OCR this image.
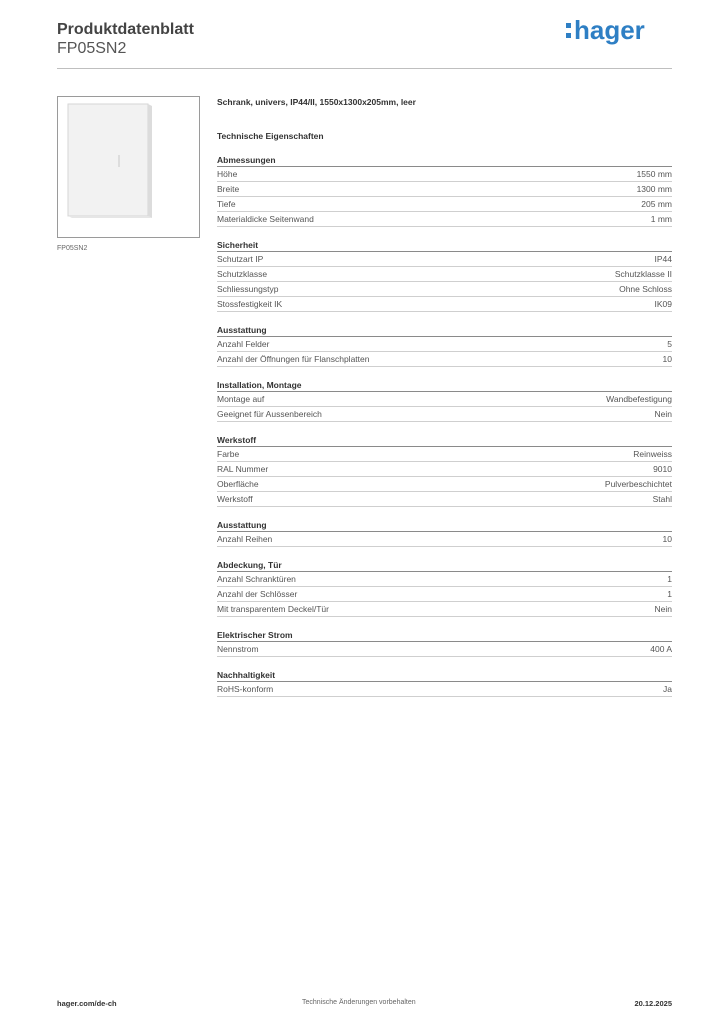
Produktdatenblatt
FP05SN2
hager
FP05SN2
Schrank, univers, IP44/II, 1550x1300x205mm, leer
Technische Eigenschaften
Abmessungen
Höhe	1550 mm
Breite	1300 mm
Tiefe	205 mm
Materialdicke Seitenwand	1 mm
Sicherheit
Schutzart IP	IP44
Schutzklasse	Schutzklasse II
Schliessungstyp	Ohne Schloss
Stossfestigkeit IK	IK09
Ausstattung
Anzahl Felder	5
Anzahl der Öffnungen für Flanschplatten	10
Installation, Montage
Montage auf	Wandbefestigung
Geeignet für Aussenbereich	Nein
Werkstoff
Farbe	Reinweiss
RAL Nummer	9010
Oberfläche	Pulverbeschichtet
Werkstoff	Stahl
Ausstattung
Anzahl Reihen	10
Abdeckung, Tür
Anzahl Schranktüren	1
Anzahl der Schlösser	1
Mit transparentem Deckel/Tür	Nein
Elektrischer Strom
Nennstrom	400 A
Nachhaltigkeit
RoHS-konform	Ja
hager.com/de-ch	Technische Änderungen vorbehalten	20.12.2025
